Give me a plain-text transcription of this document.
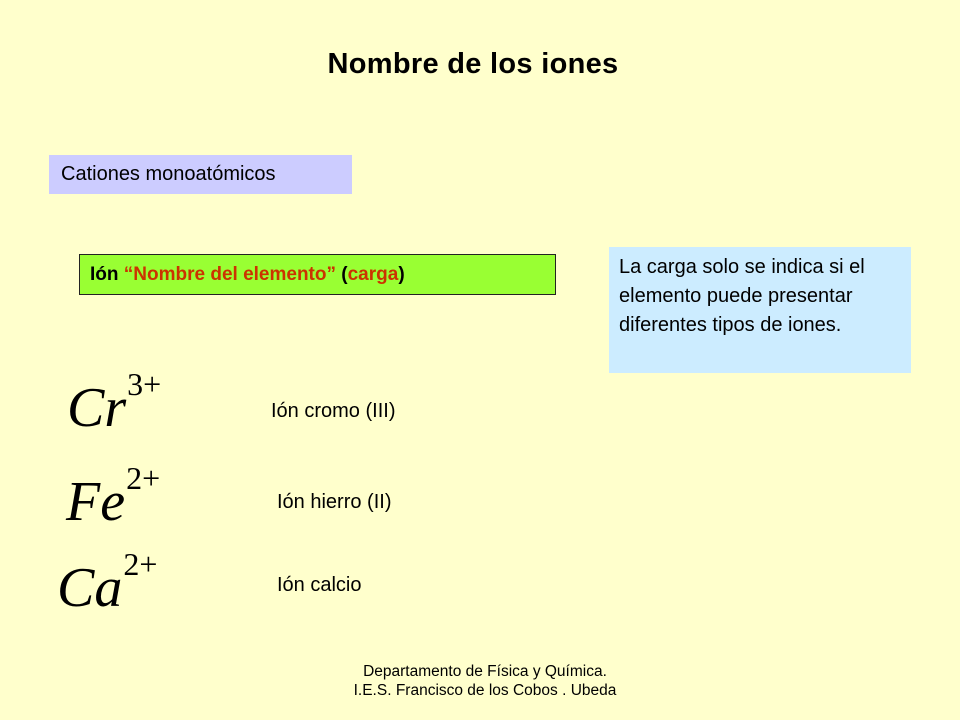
Nombre de los iones
Cationes monoatómicos
Ión “Nombre del elemento” (carga)	La carga solo se indica si el elemento puede presentar diferentes tipos de iones.
Cr3+
Ión cromo (III)
Fe2+
Ión hierro (II)
Ca2+
Ión calcio
Departamento de Física y Química. I.E.S. Francisco de los Cobos . Ubeda
